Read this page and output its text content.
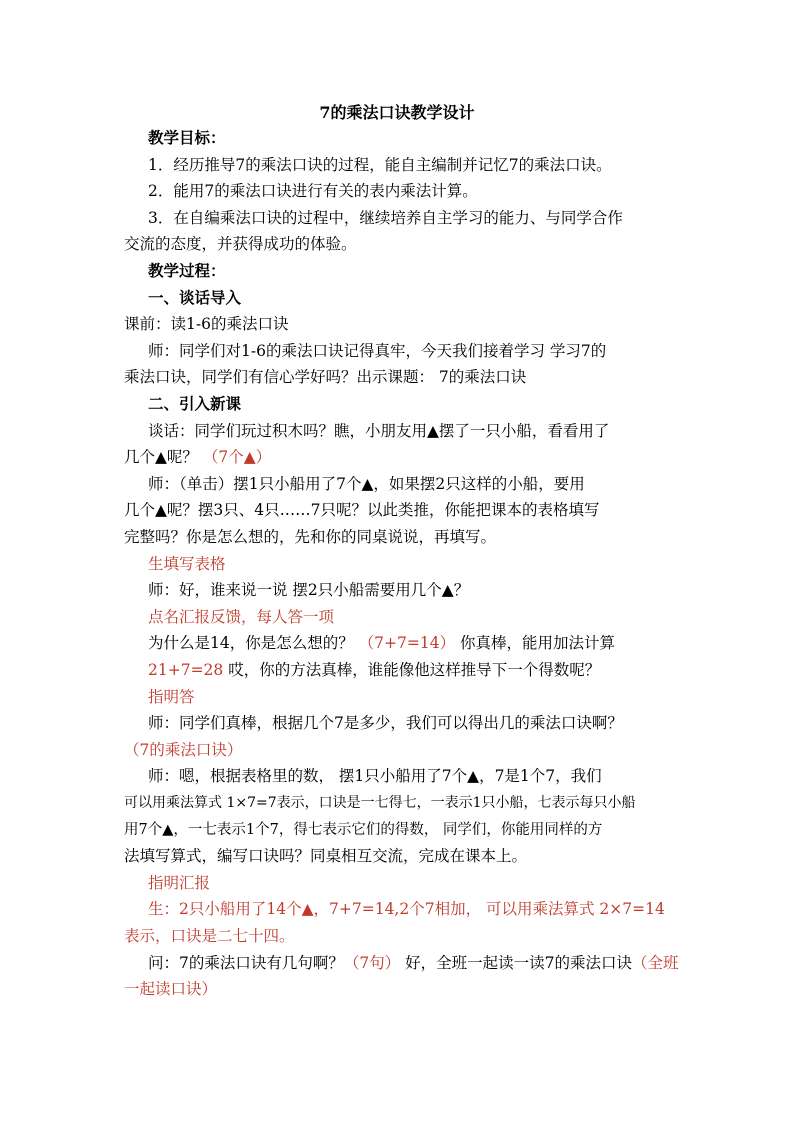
7的乘法口诀教学设计
教学目标：
1．经历推导7的乘法口诀的过程，能自主编制并记忆7的乘法口诀。
2．能用7的乘法口诀进行有关的表内乘法计算。
3．在自编乘法口诀的过程中，继续培养自主学习的能力、与同学合作
交流的态度，并获得成功的体验。
教学过程：
一、谈话导入
课前：读1-6的乘法口诀
师：同学们对1-6的乘法口诀记得真牢，今天我们接着学习 学习7的
乘法口诀，同学们有信心学好吗？出示课题： 7的乘法口诀
二、引入新课
谈话：同学们玩过积木吗？瞧，小朋友用▲摆了一只小船，看看用了
几个▲呢？ （7个▲）
师：（单击）摆1只小船用了7个▲，如果摆2只这样的小船，要用
几个▲呢？摆3只、4只……7只呢？以此类推，你能把课本的表格填写
完整吗？你是怎么想的，先和你的同桌说说，再填写。
生填写表格
师：好，谁来说一说 摆2只小船需要用几个▲？
点名汇报反馈，每人答一项
为什么是14，你是怎么想的？ （7+7=14） 你真棒，能用加法计算
21+7=28 哎，你的方法真棒，谁能像他这样推导下一个得数呢？
指明答
师：同学们真棒，根据几个7是多少，我们可以得出几的乘法口诀啊？
（7的乘法口诀）
师：嗯，根据表格里的数， 摆1只小船用了7个▲，7是1个7，我们
可以用乘法算式 1×7=7表示，口诀是一七得七，一表示1只小船，七表示每只小船
用7个▲，一七表示1个7，得七表示它们的得数， 同学们，你能用同样的方
法填写算式，编写口诀吗？同桌相互交流，完成在课本上。
指明汇报
生：2只小船用了14个▲，7+7=14,2个7相加， 可以用乘法算式 2×7=14
表示，口诀是二七十四。
问：7的乘法口诀有几句啊？（7句） 好，全班一起读一读7的乘法口诀（全班
一起读口诀）
